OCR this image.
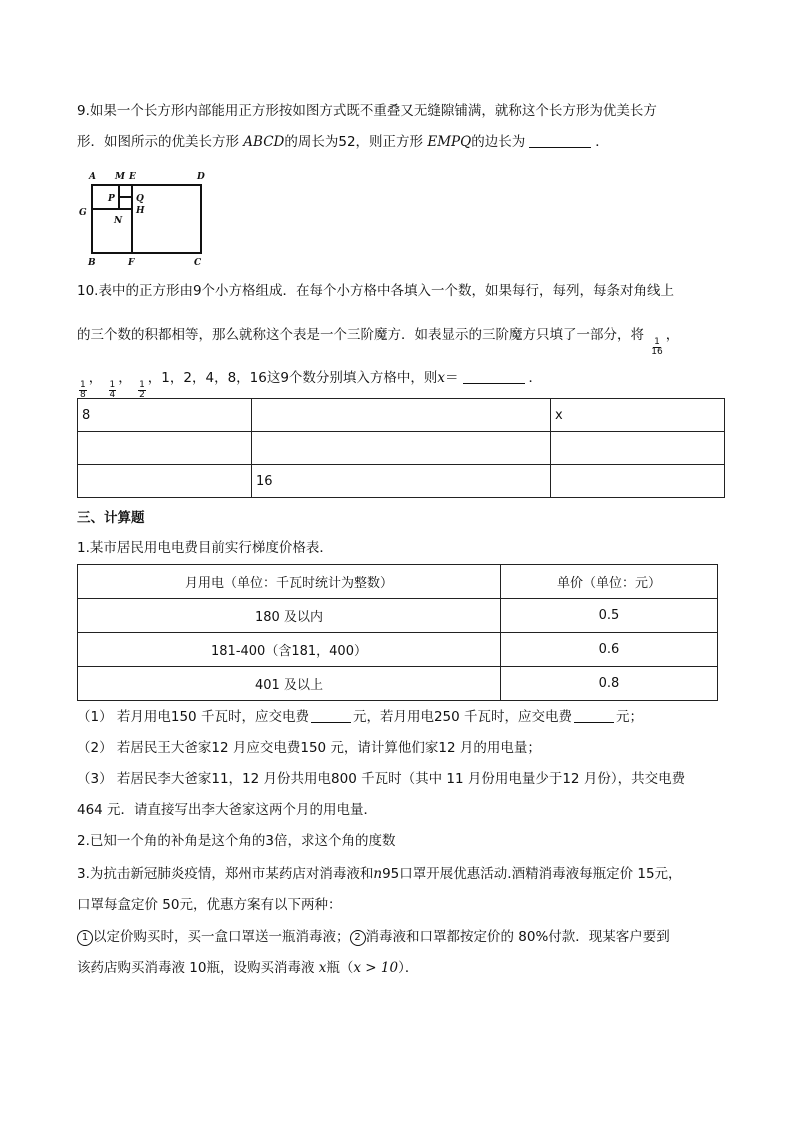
9.如果一个长方形内部能用正方形按如图方式既不重叠又无缝隙铺满，就称这个长方形为优美长方
形．如图所示的优美长方形 ABCD的周长为52，则正方形 EMPQ的边长为	．
A M E	D
P Q
G	H
N
B	F	C
10.表中的正方形由9个小方格组成．在每个小方格中各填入一个数，如果每行，每列，每条对角线上
的三个数的积都相等，那么就称这个表是一个三阶魔方．如表显示的三阶魔方只填了一部分，将
$\frac{1}{16}$
，
$\frac{1}{8}$
，
$\frac{1}{4}$
，
$\frac{1}{2}$
，1，2，4，8，16这9个数分别填入方格中，则x＝	．
8		x

	16	
三、计算题
1.某市居民用电电费目前实行梯度价格表．
月用电（单位：千瓦时统计为整数）	单价（单位：元）
180 及以内	0.5
181-400（含181，400）	0.6
401 及以上	0.8
（1） 若月用电150 千瓦时，应交电费	元，若月用电250 千瓦时，应交电费	元；
（2） 若居民王大爸家12 月应交电费150 元，请计算他们家12 月的用电量；
（3） 若居民李大爸家11，12 月份共用电800 千瓦时（其中 11 月份用电量少于12 月份），共交电费
464 元．请直接写出李大爸家这两个月的用电量．
2.已知一个角的补角是这个角的3倍，求这个角的度数
3.为抗击新冠肺炎疫情，郑州市某药店对消毒液和n95口罩开展优惠活动.酒精消毒液每瓶定价 15元，
口罩每盒定价 50元，优惠方案有以下两种：
1 以定价购买时，买一盒口罩送一瓶消毒液； 2 消毒液和口罩都按定价的 80%付款．现某客户要到
该药店购买消毒液 10瓶，设购买消毒液 x瓶（x > 10）．
